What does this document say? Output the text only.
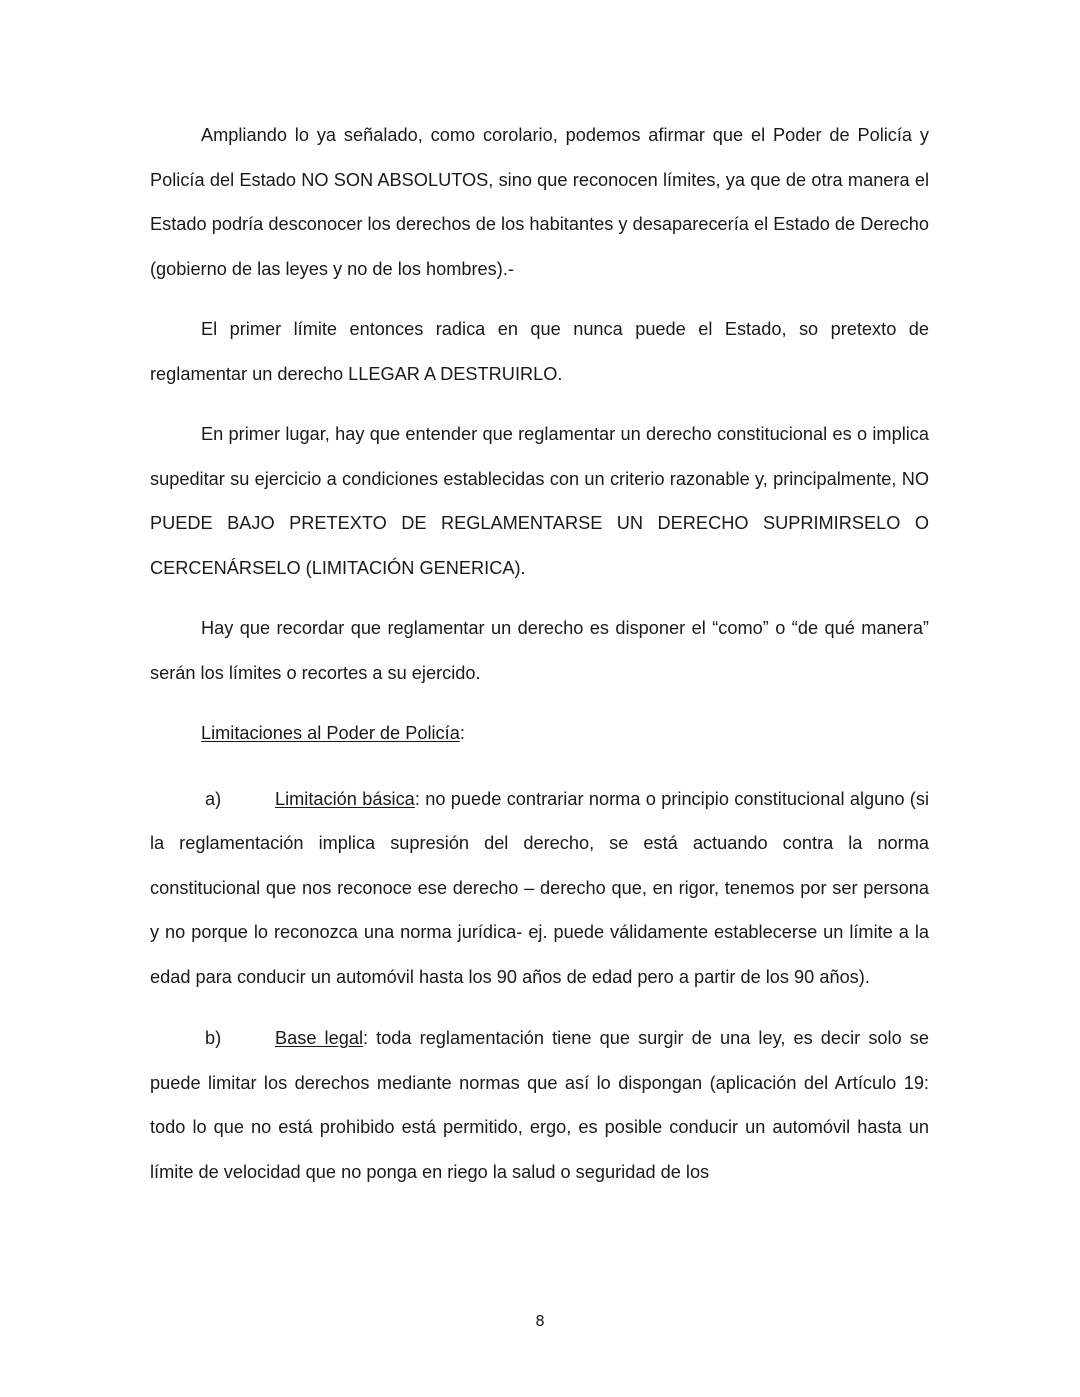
Ampliando lo ya señalado, como corolario, podemos afirmar que el Poder de Policía y Policía del Estado NO SON ABSOLUTOS, sino que reconocen límites, ya que de otra manera el Estado podría desconocer los derechos de los habitantes y desaparecería el Estado de Derecho (gobierno de las leyes y no de los hombres).-

El primer límite entonces radica en que nunca puede el Estado, so pretexto de reglamentar un derecho LLEGAR A DESTRUIRLO.

En primer lugar, hay que entender que reglamentar un derecho constitucional es o implica supeditar su ejercicio a condiciones establecidas con un criterio razonable y, principalmente, NO PUEDE BAJO PRETEXTO DE REGLAMENTARSE UN DERECHO SUPRIMIRSELO O CERCENÁRSELO (LIMITACIÓN GENERICA).

Hay que recordar que reglamentar un derecho es disponer el “como” o “de qué manera” serán los límites o recortes a su ejercido.

Limitaciones al Poder de Policía:

a)	Limitación básica: no puede contrariar norma o principio constitucional alguno (si la reglamentación implica supresión del derecho, se está actuando contra la norma constitucional que nos reconoce ese derecho – derecho que, en rigor, tenemos por ser persona y no porque lo reconozca una norma jurídica- ej. puede válidamente establecerse un límite a la edad para conducir un automóvil hasta los 90 años de edad pero a partir de los 90 años).

b)	Base legal: toda reglamentación tiene que surgir de una ley, es decir solo se puede limitar los derechos mediante normas que así lo dispongan (aplicación del Artículo 19: todo lo que no está prohibido está permitido, ergo, es posible conducir un automóvil hasta un límite de velocidad que no ponga en riego la salud o seguridad de los

8
